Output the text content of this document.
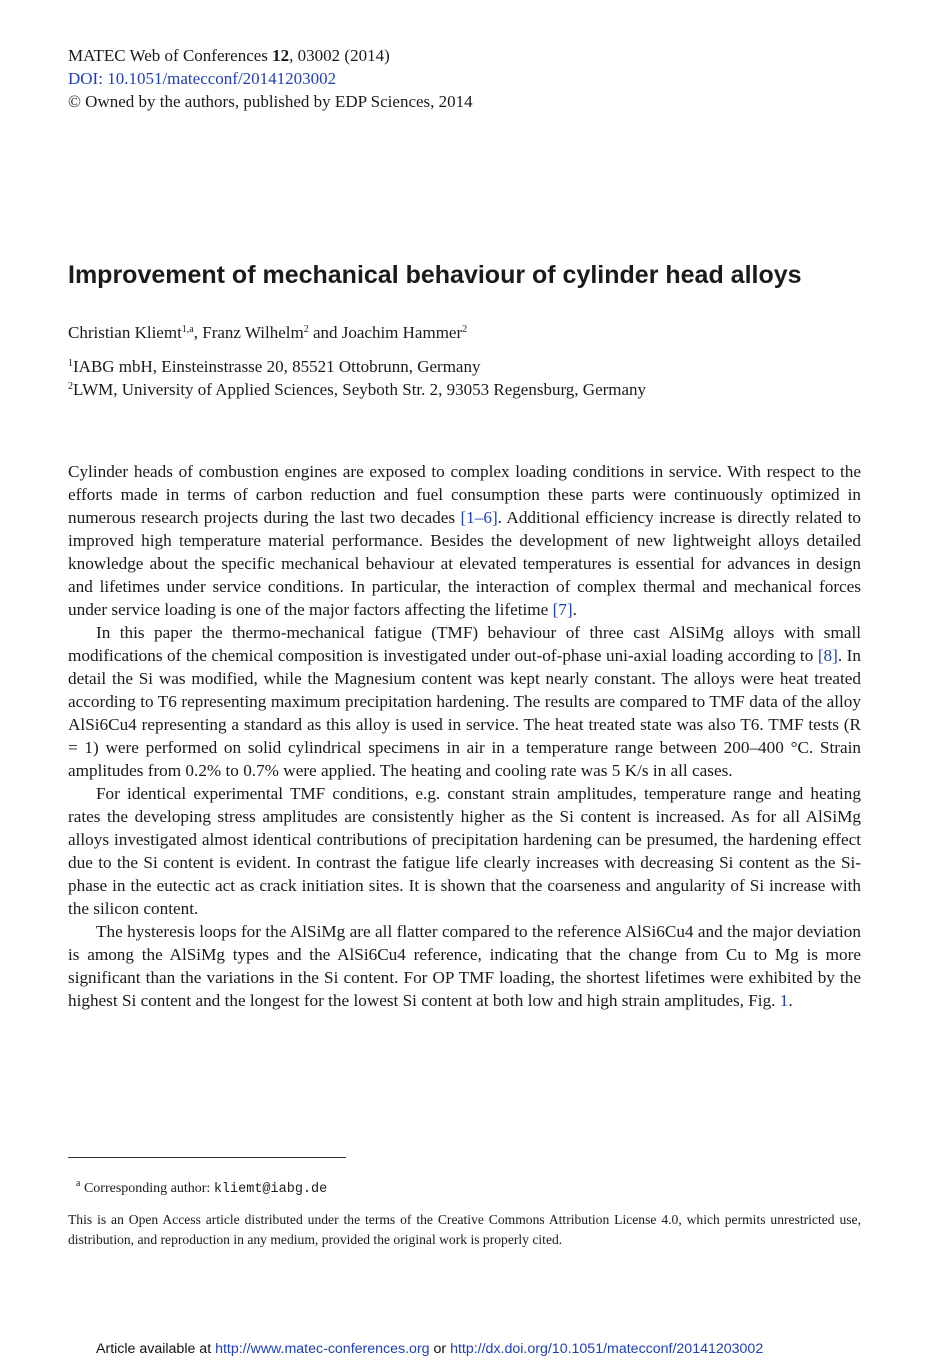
MATEC Web of Conferences 12, 03002 (2014)
DOI: 10.1051/matecconf/20141203002
© Owned by the authors, published by EDP Sciences, 2014
Improvement of mechanical behaviour of cylinder head alloys
Christian Kliemt$^{1,a}$, Franz Wilhelm$^2$ and Joachim Hammer$^2$
$^1$IABG mbH, Einsteinstrasse 20, 85521 Ottobrunn, Germany
$^2$LWM, University of Applied Sciences, Seyboth Str. 2, 93053 Regensburg, Germany

Cylinder heads of combustion engines are exposed to complex loading conditions in service. With respect to the efforts made in terms of carbon reduction and fuel consumption these parts were continuously optimized in numerous research projects during the last two decades [1–6]. Additional efficiency increase is directly related to improved high temperature material performance. Besides the development of new lightweight alloys detailed knowledge about the specific mechanical behaviour at elevated temperatures is essential for advances in design and lifetimes under service conditions. In particular, the interaction of complex thermal and mechanical forces under service loading is one of the major factors affecting the lifetime [7].

In this paper the thermo-mechanical fatigue (TMF) behaviour of three cast AlSiMg alloys with small modifications of the chemical composition is investigated under out-of-phase uni-axial loading according to [8]. In detail the Si was modified, while the Magnesium content was kept nearly constant. The alloys were heat treated according to T6 representing maximum precipitation hardening. The results are compared to TMF data of the alloy AlSi6Cu4 representing a standard as this alloy is used in service. The heat treated state was also T6. TMF tests (R = 1) were performed on solid cylindrical specimens in air in a temperature range between 200–400 °C. Strain amplitudes from 0.2% to 0.7% were applied. The heating and cooling rate was 5 K/s in all cases.

For identical experimental TMF conditions, e.g. constant strain amplitudes, temperature range and heating rates the developing stress amplitudes are consistently higher as the Si content is increased. As for all AlSiMg alloys investigated almost identical contributions of precipitation hardening can be presumed, the hardening effect due to the Si content is evident. In contrast the fatigue life clearly increases with decreasing Si content as the Si-phase in the eutectic act as crack initiation sites. It is shown that the coarseness and angularity of Si increase with the silicon content.

The hysteresis loops for the AlSiMg are all flatter compared to the reference AlSi6Cu4 and the major deviation is among the AlSiMg types and the AlSi6Cu4 reference, indicating that the change from Cu to Mg is more significant than the variations in the Si content. For OP TMF loading, the shortest lifetimes were exhibited by the highest Si content and the longest for the lowest Si content at both low and high strain amplitudes, Fig. 1.

$^a$ Corresponding author: kliemt@iabg.de

This is an Open Access article distributed under the terms of the Creative Commons Attribution License 4.0, which permits unrestricted use, distribution, and reproduction in any medium, provided the original work is properly cited.

Article available at http://www.matec-conferences.org or http://dx.doi.org/10.1051/matecconf/20141203002
